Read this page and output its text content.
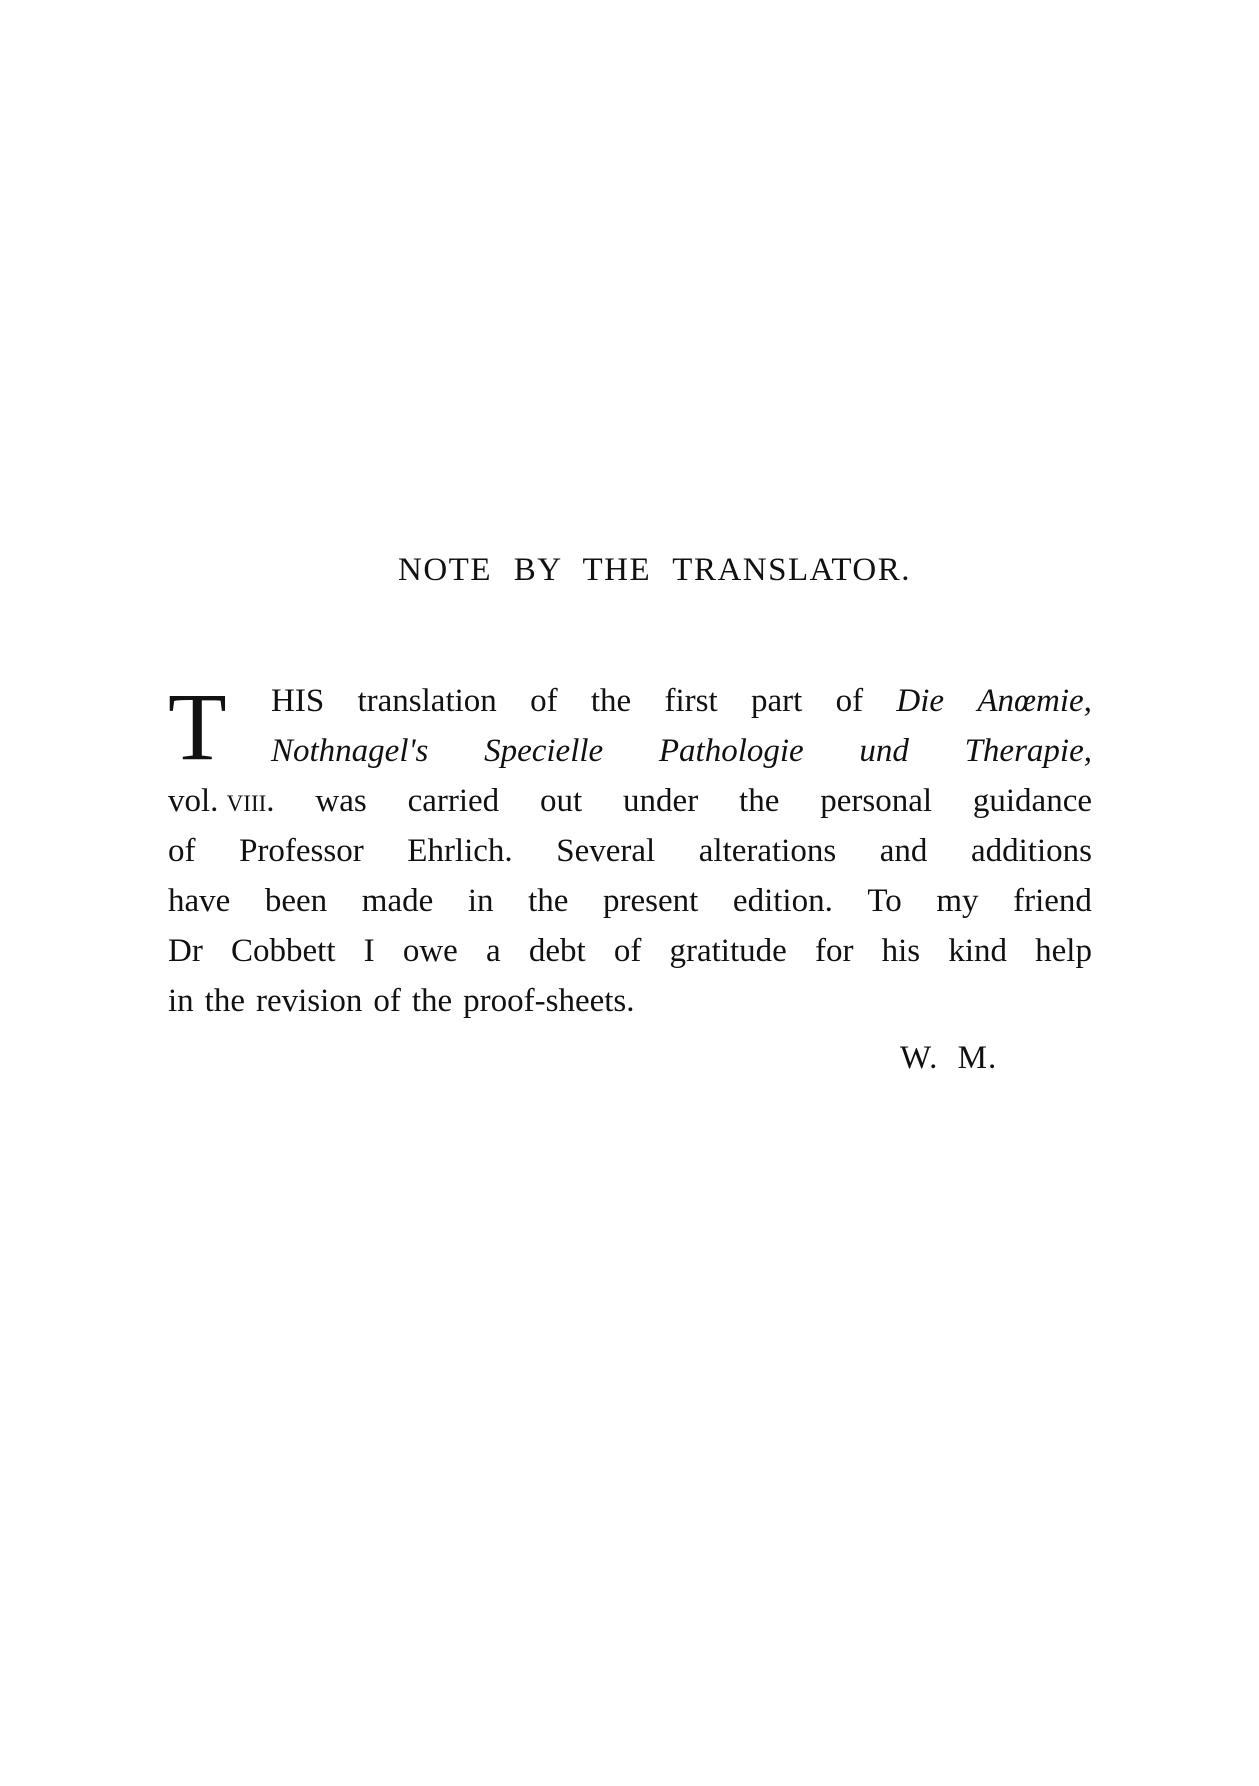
NOTE BY THE TRANSLATOR.
T HIS translation of the first part of Die Anœmie,
Nothnagel's Specielle Pathologie und Therapie,
vol. viii. was carried out under the personal guidance
of Professor Ehrlich. Several alterations and additions
have been made in the present edition. To my friend
Dr Cobbett I owe a debt of gratitude for his kind help
in the revision of the proof-sheets.
W. M.
